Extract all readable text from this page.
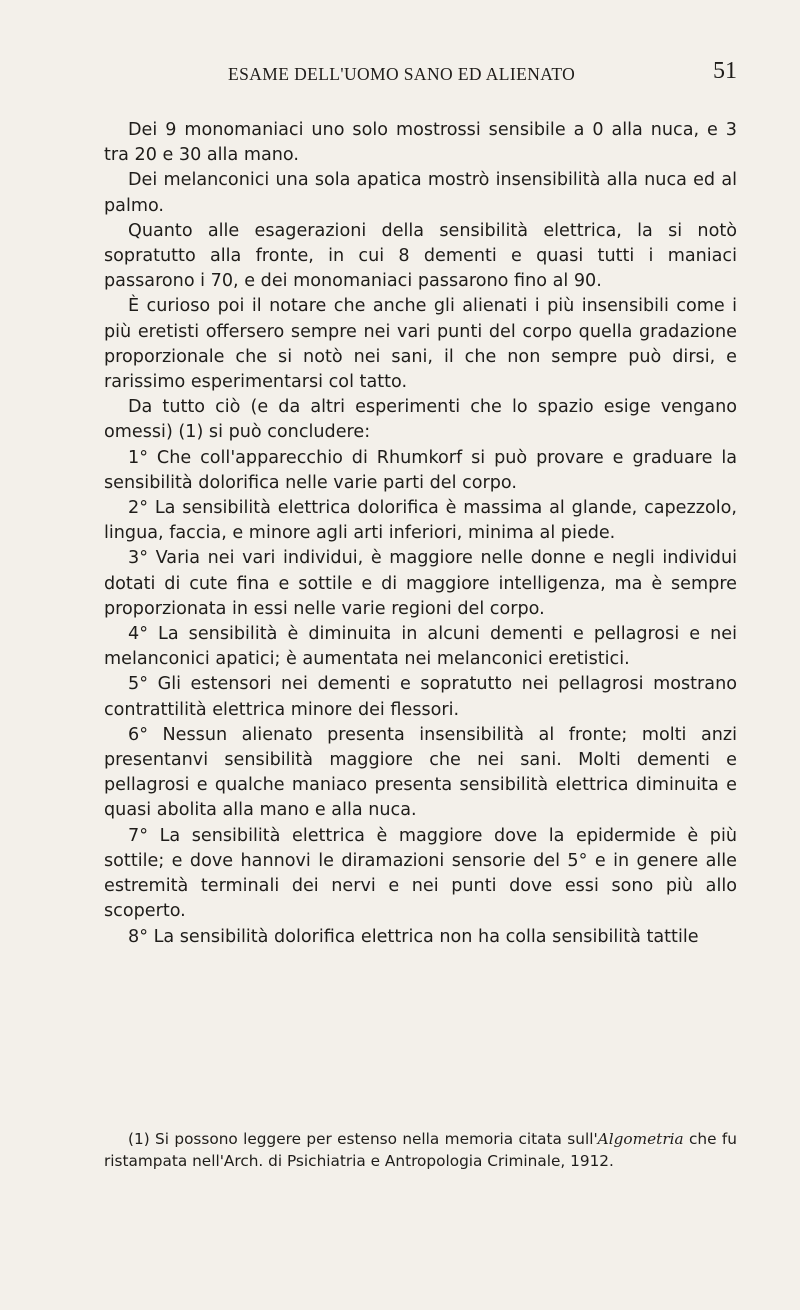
ESAME DELL'UOMO SANO ED ALIENATO	51

Dei 9 monomaniaci uno solo mostrossi sensibile a 0 alla nuca, e 3 tra 20 e 30 alla mano.

Dei melanconici una sola apatica mostrò insensibilità alla nuca ed al palmo.

Quanto alle esagerazioni della sensibilità elettrica, la si notò sopratutto alla fronte, in cui 8 dementi e quasi tutti i maniaci passarono i 70, e dei monomaniaci passarono fino al 90.

È curioso poi il notare che anche gli alienati i più insensibili come i più eretisti offersero sempre nei vari punti del corpo quella gradazione proporzionale che si notò nei sani, il che non sempre può dirsi, e rarissimo esperimentarsi col tatto.

Da tutto ciò (e da altri esperimenti che lo spazio esige vengano omessi) (1) si può concludere:

1° Che coll'apparecchio di Rhumkorf si può provare e graduare la sensibilità dolorifica nelle varie parti del corpo.

2° La sensibilità elettrica dolorifica è massima al glande, capezzolo, lingua, faccia, e minore agli arti inferiori, minima al piede.

3° Varia nei vari individui, è maggiore nelle donne e negli individui dotati di cute fina e sottile e di maggiore intelligenza, ma è sempre proporzionata in essi nelle varie regioni del corpo.

4° La sensibilità è diminuita in alcuni dementi e pellagrosi e nei melanconici apatici; è aumentata nei melanconici eretistici.

5° Gli estensori nei dementi e sopratutto nei pellagrosi mostrano contrattilità elettrica minore dei flessori.

6° Nessun alienato presenta insensibilità al fronte; molti anzi presentanvi sensibilità maggiore che nei sani. Molti dementi e pellagrosi e qualche maniaco presenta sensibilità elettrica diminuita e quasi abolita alla mano e alla nuca.

7° La sensibilità elettrica è maggiore dove la epidermide è più sottile; e dove hannovi le diramazioni sensorie del 5° e in genere alle estremità terminali dei nervi e nei punti dove essi sono più allo scoperto.

8° La sensibilità dolorifica elettrica non ha colla sensibilità tattile

(1) Si possono leggere per estenso nella memoria citata sull'Algometria che fu ristampata nell'Arch. di Psichiatria e Antropologia Criminale, 1912.
